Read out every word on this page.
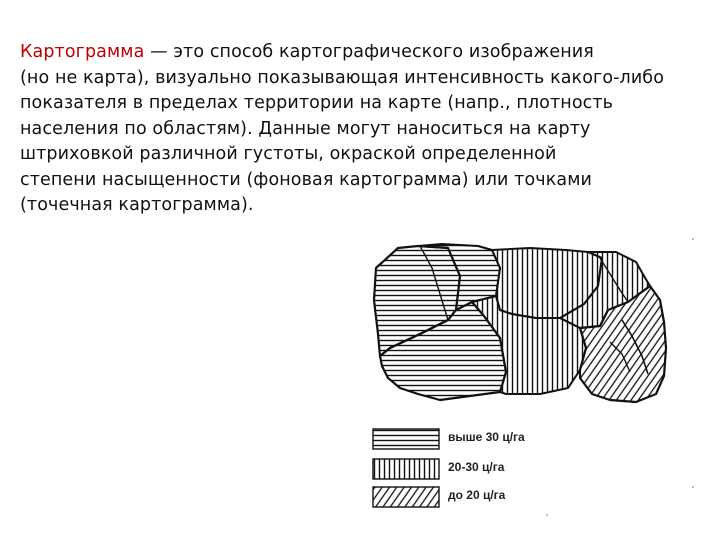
Картограмма — это способ картографического изображения
(но не карта), визуально показывающая интенсивность какого-либо
показателя в пределах территории на карте (напр., плотность
населения по областям). Данные могут наноситься на карту
штриховкой различной густоты, окраской определенной
степени насыщенности (фоновая картограмма) или точками
(точечная картограмма).
выше 30 ц/га
20-30 ц/га
до 20 ц/га
